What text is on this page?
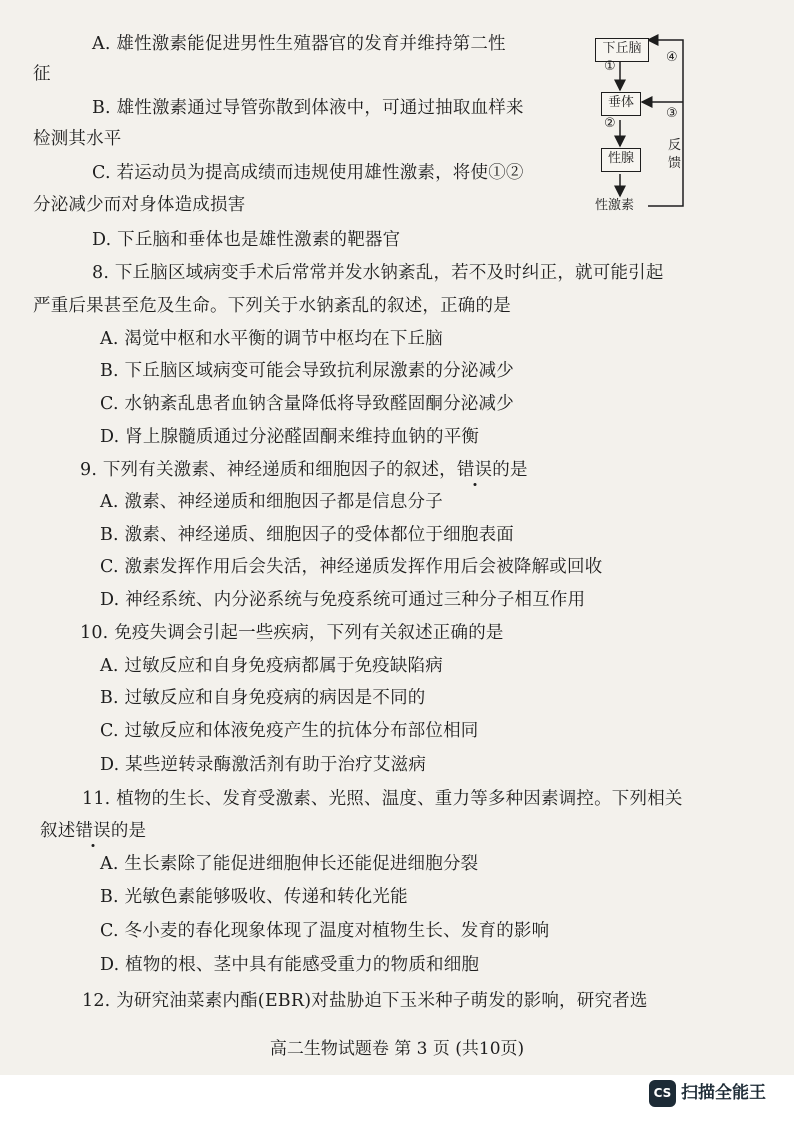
A. 雄性激素能促进男性生殖器官的发育并维持第二性
征
B. 雄性激素通过导管弥散到体液中，可通过抽取血样来
检测其水平
C. 若运动员为提高成绩而违规使用雄性激素，将使①②
分泌减少而对身体造成损害
D. 下丘脑和垂体也是雄性激素的靶器官
下丘脑
垂体
性腺
性激素
①
②
③
④
反
馈
8. 下丘脑区域病变手术后常常并发水钠紊乱，若不及时纠正，就可能引起
严重后果甚至危及生命。下列关于水钠紊乱的叙述，正确的是
A. 渴觉中枢和水平衡的调节中枢均在下丘脑
B. 下丘脑区域病变可能会导致抗利尿激素的分泌减少
C. 水钠紊乱患者血钠含量降低将导致醛固酮分泌减少
D. 肾上腺髓质通过分泌醛固酮来维持血钠的平衡
9. 下列有关激素、神经递质和细胞因子的叙述，错误的是
A. 激素、神经递质和细胞因子都是信息分子
B. 激素、神经递质、细胞因子的受体都位于细胞表面
C. 激素发挥作用后会失活，神经递质发挥作用后会被降解或回收
D. 神经系统、内分泌系统与免疫系统可通过三种分子相互作用
10. 免疫失调会引起一些疾病，下列有关叙述正确的是
A. 过敏反应和自身免疫病都属于免疫缺陷病
B. 过敏反应和自身免疫病的病因是不同的
C. 过敏反应和体液免疫产生的抗体分布部位相同
D. 某些逆转录酶激活剂有助于治疗艾滋病
11. 植物的生长、发育受激素、光照、温度、重力等多种因素调控。下列相关
叙述错误的是
A. 生长素除了能促进细胞伸长还能促进细胞分裂
B. 光敏色素能够吸收、传递和转化光能
C. 冬小麦的春化现象体现了温度对植物生长、发育的影响
D. 植物的根、茎中具有能感受重力的物质和细胞
12. 为研究油菜素内酯(EBR)对盐胁迫下玉米种子萌发的影响，研究者选
高二生物试题卷 第 3 页 (共10页)
CS 扫描全能王
